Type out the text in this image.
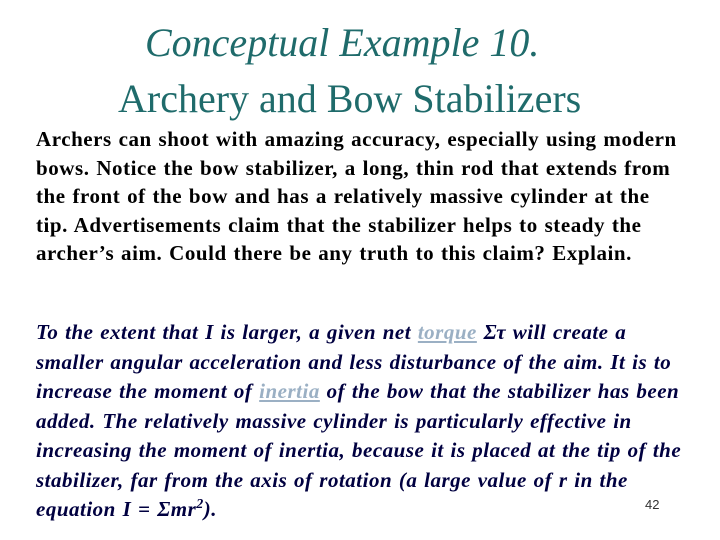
Conceptual Example 10.
Archery and Bow Stabilizers

Archers can shoot with amazing accuracy, especially using modern bows. Notice the bow stabilizer, a long, thin rod that extends from the front of the bow and has a relatively massive cylinder at the tip. Advertisements claim that the stabilizer helps to steady the archer’s aim. Could there be any truth to this claim? Explain.

To the extent that I is larger, a given net torque Στ will create a smaller angular acceleration and less disturbance of the aim. It is to increase the moment of inertia of the bow that the stabilizer has been added. The relatively massive cylinder is particularly effective in increasing the moment of inertia, because it is placed at the tip of the stabilizer, far from the axis of rotation (a large value of r in the equation I = Σmr$^2$).	42
